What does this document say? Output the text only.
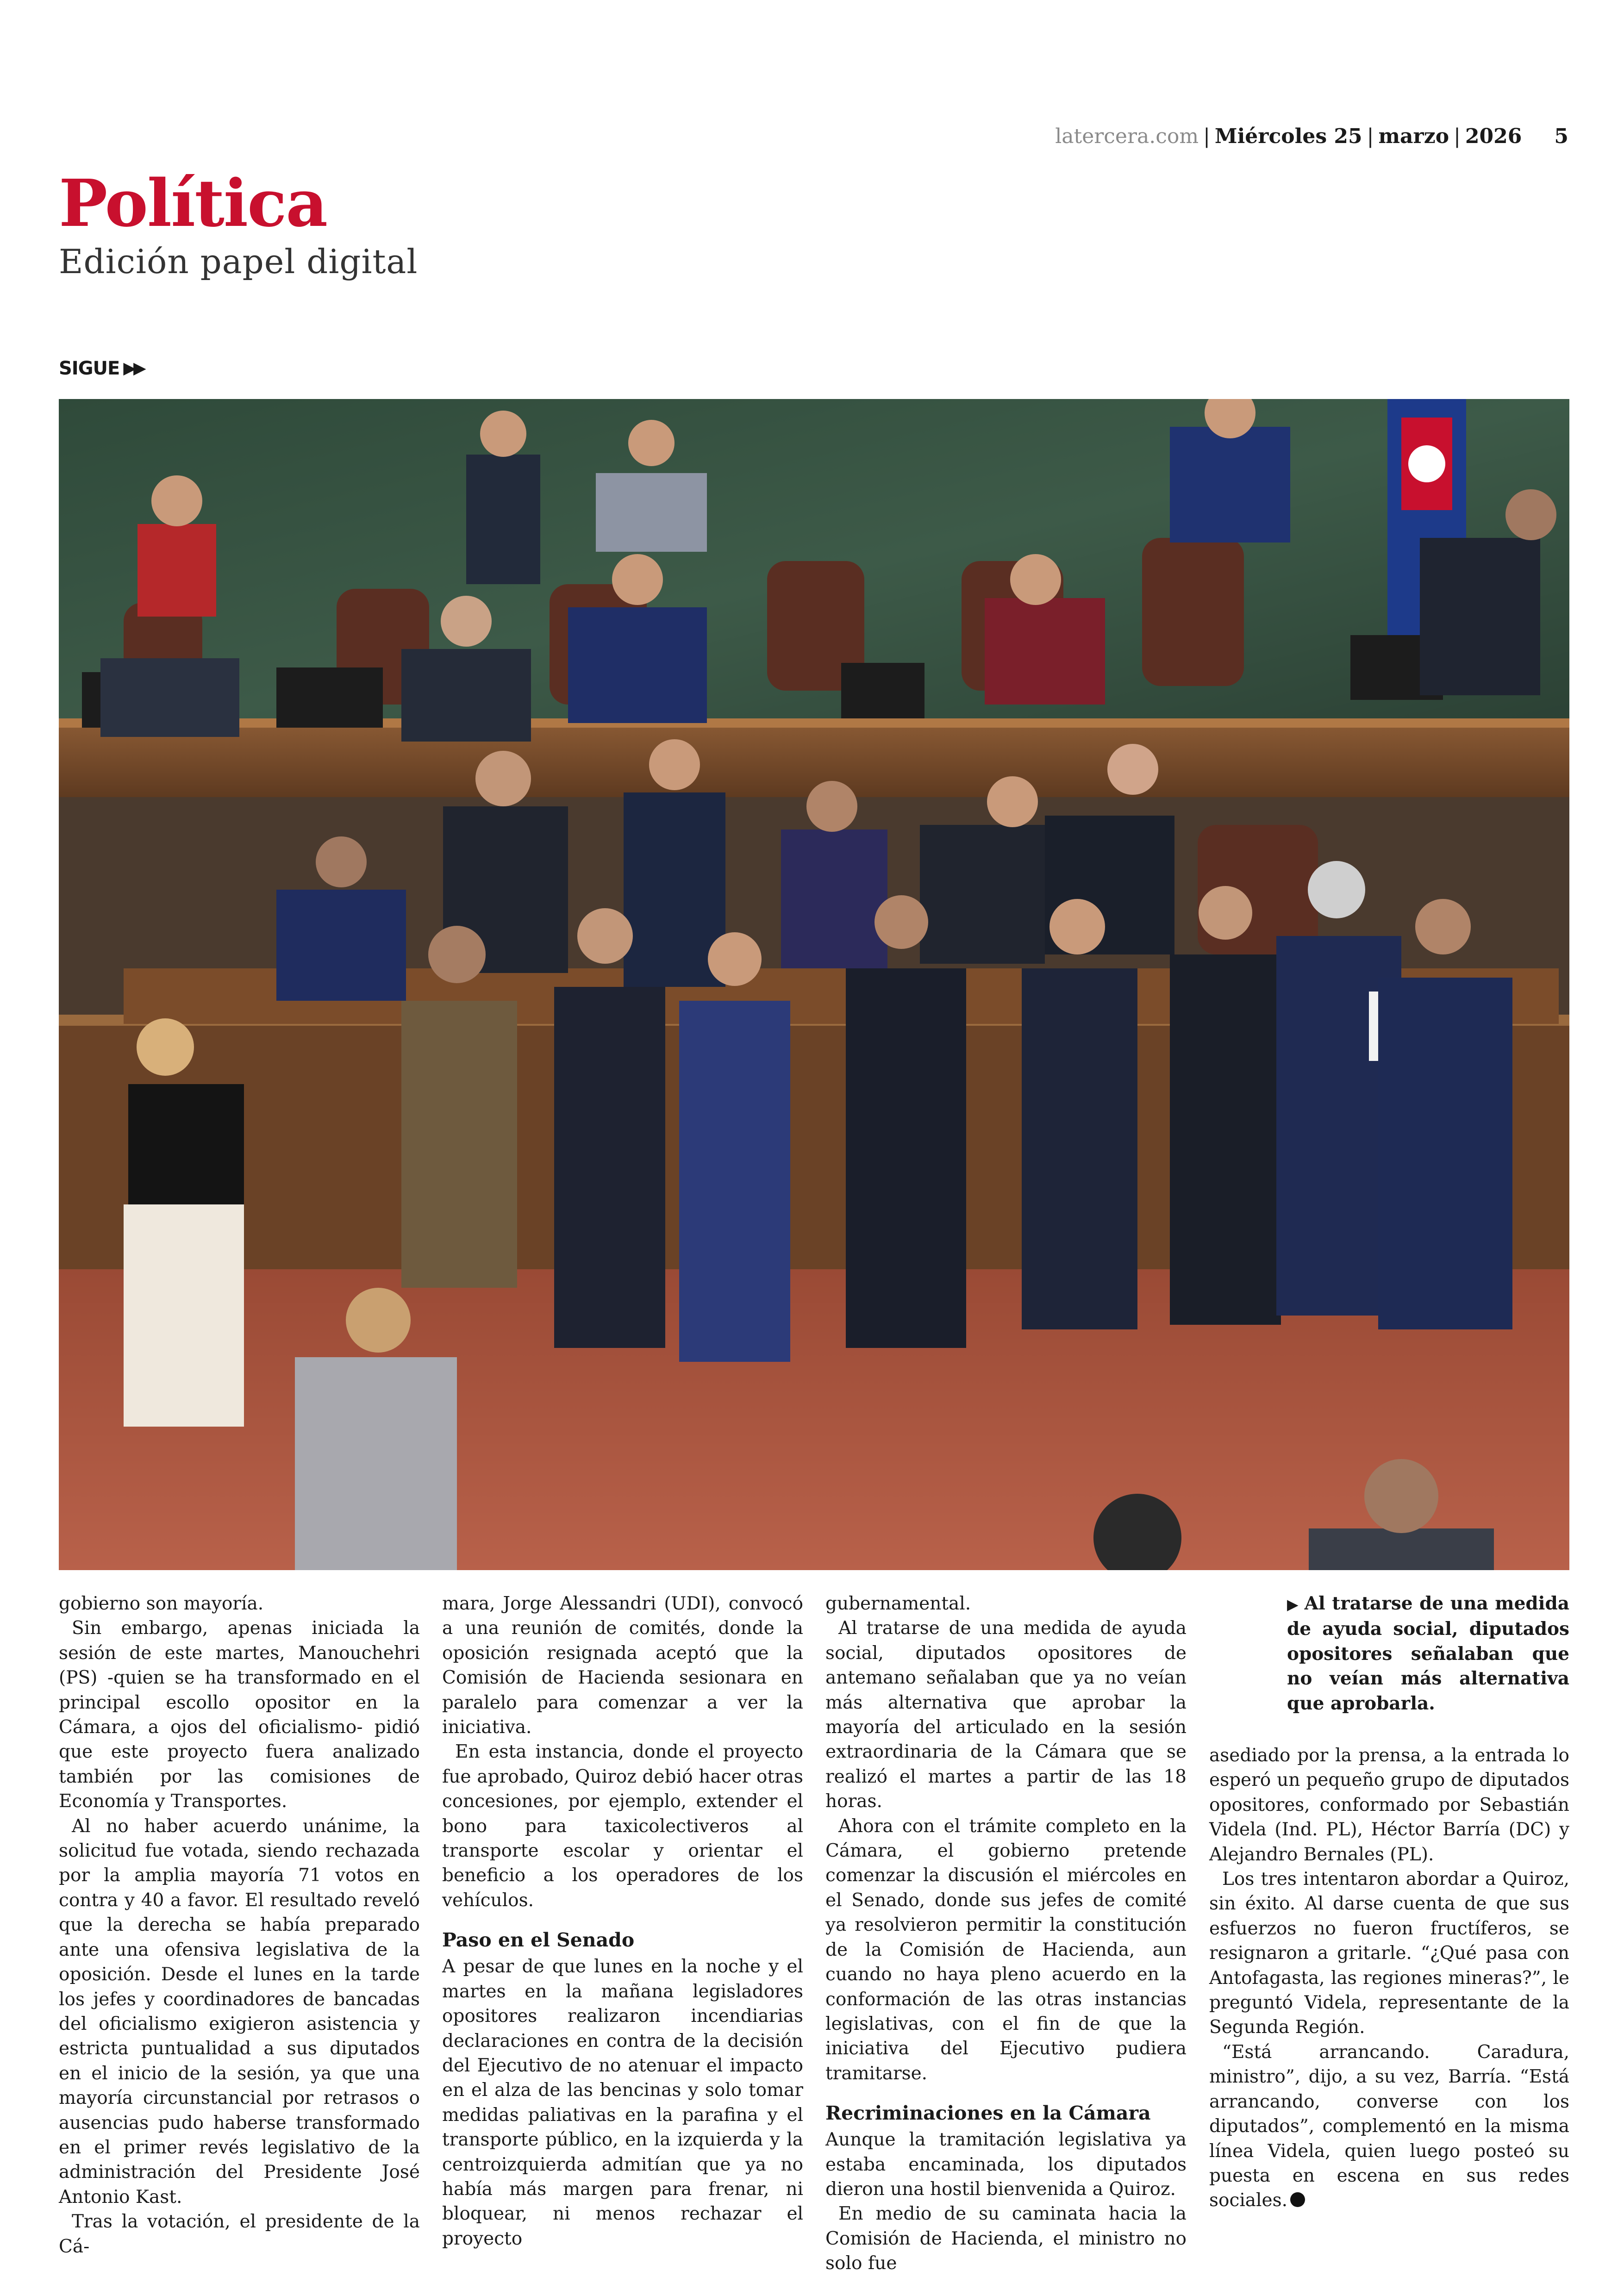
latercera.com | Miércoles 25 | marzo | 2026 5
Política
Edición papel digital
SIGUE ▶▶

gobierno son mayoría.

Sin embargo, apenas iniciada la sesión de este martes, Manouchehri (PS) -quien se ha transformado en el principal escollo opositor en la Cámara, a ojos del oficialismo- pidió que este proyecto fuera analizado también por las comisiones de Economía y Transportes.

Al no haber acuerdo unánime, la solicitud fue votada, siendo rechazada por la amplia mayoría 71 votos en contra y 40 a favor. El resultado reveló que la derecha se había preparado ante una ofensiva legislativa de la oposición. Desde el lunes en la tarde los jefes y coordinadores de bancadas del oficialismo exigieron asistencia y estricta puntualidad a sus diputados en el inicio de la sesión, ya que una mayoría circunstancial por retrasos o ausencias pudo haberse transformado en el primer revés legislativo de la administración del Presidente José Antonio Kast.

Tras la votación, el presidente de la Cá-

mara, Jorge Alessandri (UDI), convocó a una reunión de comités, donde la oposición resignada aceptó que la Comisión de Hacienda sesionara en paralelo para comenzar a ver la iniciativa.

En esta instancia, donde el proyecto fue aprobado, Quiroz debió hacer otras concesiones, por ejemplo, extender el bono para taxicolectiveros al transporte escolar y orientar el beneficio a los operadores de los vehículos.

Paso en el Senado

A pesar de que lunes en la noche y el martes en la mañana legisladores opositores realizaron incendiarias declaraciones en contra de la decisión del Ejecutivo de no atenuar el impacto en el alza de las bencinas y solo tomar medidas paliativas en la parafina y el transporte público, en la izquierda y la centroizquierda admitían que ya no había más margen para frenar, ni bloquear, ni menos rechazar el proyecto

gubernamental.

Al tratarse de una medida de ayuda social, diputados opositores de antemano señalaban que ya no veían más alternativa que aprobar la mayoría del articulado en la sesión extraordinaria de la Cámara que se realizó el martes a partir de las 18 horas.

Ahora con el trámite completo en la Cámara, el gobierno pretende comenzar la discusión el miércoles en el Senado, donde sus jefes de comité ya resolvieron permitir la constitución de la Comisión de Hacienda, aun cuando no haya pleno acuerdo en la conformación de las otras instancias legislativas, con el fin de que la iniciativa del Ejecutivo pudiera tramitarse.

Recriminaciones en la Cámara

Aunque la tramitación legislativa ya estaba encaminada, los diputados dieron una hostil bienvenida a Quiroz.

En medio de su caminata hacia la Comisión de Hacienda, el ministro no solo fue

▶ Al tratarse de una medida de ayuda social, diputados opositores señalaban que no veían más alternativa que aprobarla.

asediado por la prensa, a la entrada lo esperó un pequeño grupo de diputados opositores, conformado por Sebastián Videla (Ind. PL), Héctor Barría (DC) y Alejandro Bernales (PL).

Los tres intentaron abordar a Quiroz, sin éxito. Al darse cuenta de que sus esfuerzos no fueron fructíferos, se resignaron a gritarle. “¿Qué pasa con Antofagasta, las regiones mineras?”, le preguntó Videla, representante de la Segunda Región.

“Está arrancando. Caradura, ministro”, dijo, a su vez, Barría. “Está arrancando, converse con los diputados”, complementó en la misma línea Videla, quien luego posteó su puesta en escena en sus redes sociales.
